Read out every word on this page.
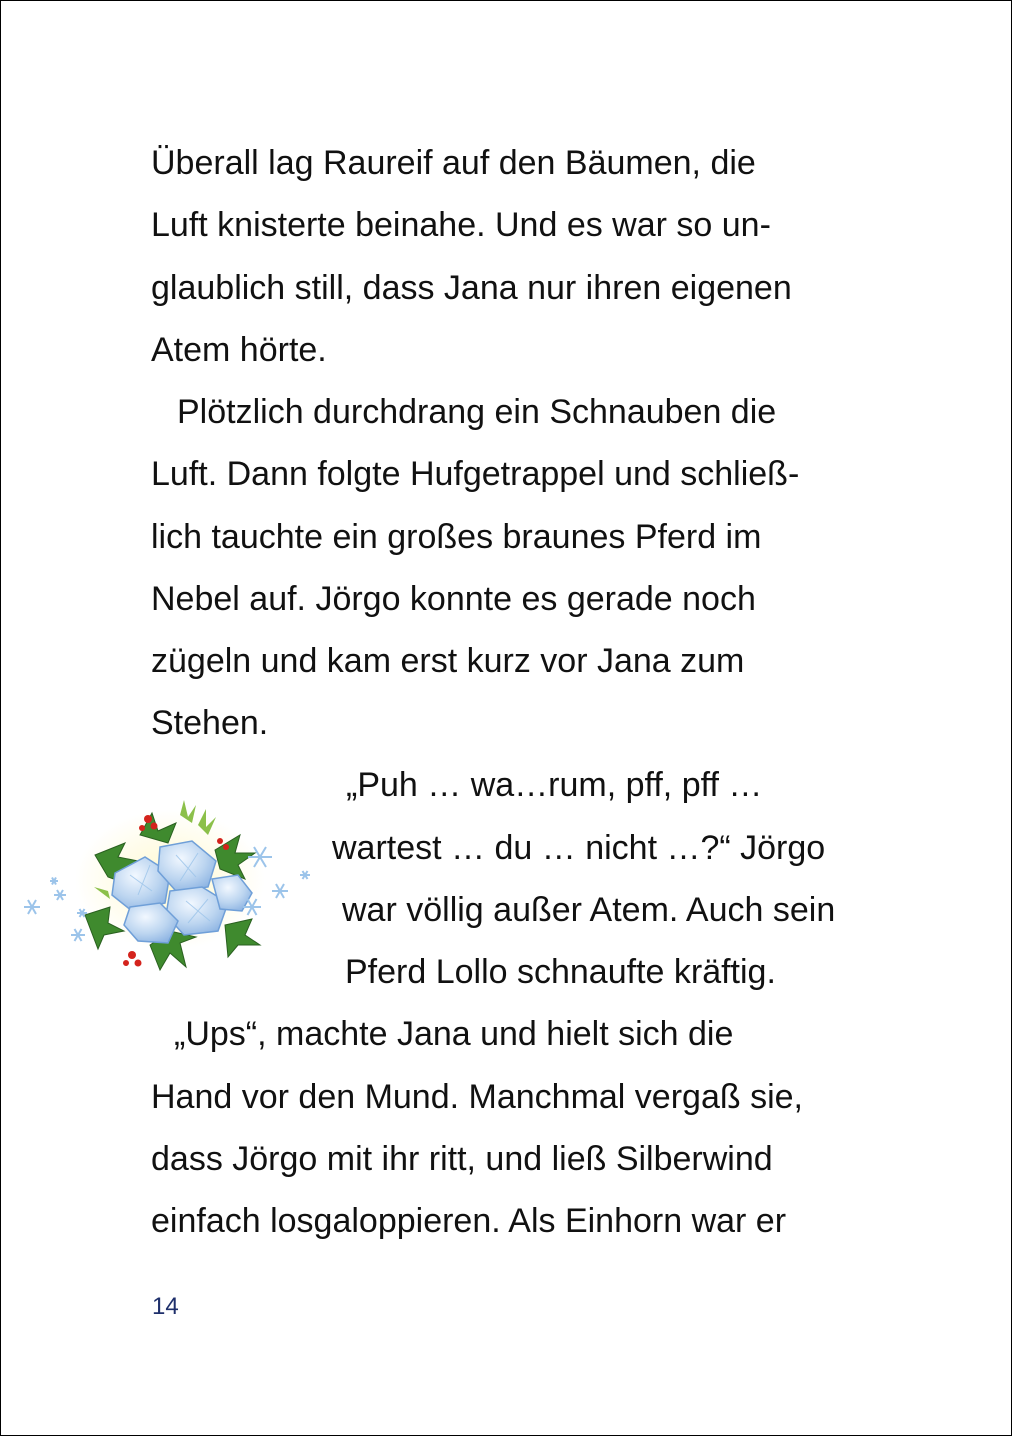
Überall lag Raureif auf den Bäumen, die

Luft knisterte beinahe. Und es war so un-

glaublich still, dass Jana nur ihren eigenen

Atem hörte.

Plötzlich durchdrang ein Schnauben die

Luft. Dann folgte Hufgetrappel und schließ-

lich tauchte ein großes braunes Pferd im

Nebel auf. Jörgo konnte es gerade noch

zügeln und kam erst kurz vor Jana zum

Stehen.

„Puh … wa…rum, pff, pff …

wartest … du … nicht …?“ Jörgo

war völlig außer Atem. Auch sein

Pferd Lollo schnaufte kräftig.

„Ups“, machte Jana und hielt sich die

Hand vor den Mund. Manchmal vergaß sie,

dass Jörgo mit ihr ritt, und ließ Silberwind

einfach losgaloppieren. Als Einhorn war er

14
